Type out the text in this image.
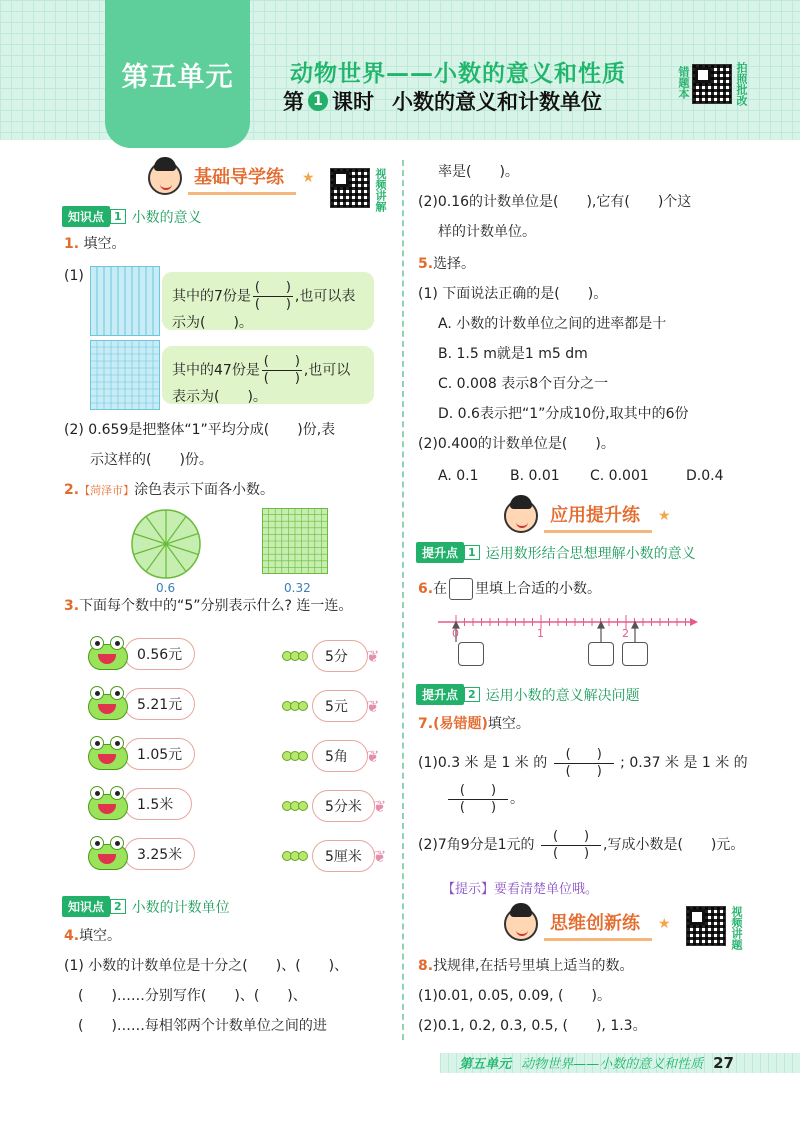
第五单元 动物世界——小数的意义和性质
第 1 课时 小数的意义和计数单位
错题本	拍照批改
基础导学练	★	视频讲解
知识点 1 小数的意义
1. 填空。
(1)
其中的7份是 $\frac{( )}{( )}$ ,也可以表
示为(　　)。
其中的47份是 $\frac{( )}{( )}$ ,也可以
表示为(　　)。
(2) 0.659是把整体“1”平均分成(　　)份,表
示这样的(　　)份。
2.【菏泽市】涂色表示下面各小数。
0.6	0.32
3.下面每个数中的“5”分别表示什么? 连一连。
0.56元	5分	❦
5.21元	5元	❦
1.05元	5角	❦
1.5米	5分米 ❦
3.25米	5厘米 ❦
知识点 2 小数的计数单位
4.填空。
(1) 小数的计数单位是十分之(　　)、(　　)、
(　　)……分别写作(　　)、(　　)、
(　　)……每相邻两个计数单位之间的进
率是(　　)。
(2)0.16的计数单位是(　　),它有(　　)个这
样的计数单位。
5.选择。
(1) 下面说法正确的是(　　)。
A. 小数的计数单位之间的进率都是十
B. 1.5 m就是1 m5 dm
C. 0.008 表示8个百分之一
D. 0.6表示把“1”分成10份,取其中的6份
(2)0.400的计数单位是(　　)。
A. 0.1 B. 0.01 C. 0.001	D.0.4
应用提升练	★
提升点 1 运用数形结合思想理解小数的意义
6.在 里填上合适的小数。
0	1	2
提升点 2 运用小数的意义解决问题
7.(易错题)填空。
(1)0.3 米 是 1 米 的 $\frac{( )}{( )}$ ; 0.37 米 是 1 米 的
$\frac{( )}{( )}$ 。
(2)7角9分是1元的 $\frac{( )}{( )}$ ,写成小数是(　　)元。
【提示】要看清楚单位哦。
思维创新练	★	视频讲题
8.找规律,在括号里填上适当的数。
(1)0.01, 0.05, 0.09, (　　)。
(2)0.1, 0.2, 0.3, 0.5, (　　), 1.3。
第五单元 动物世界——小数的意义和性质 27
